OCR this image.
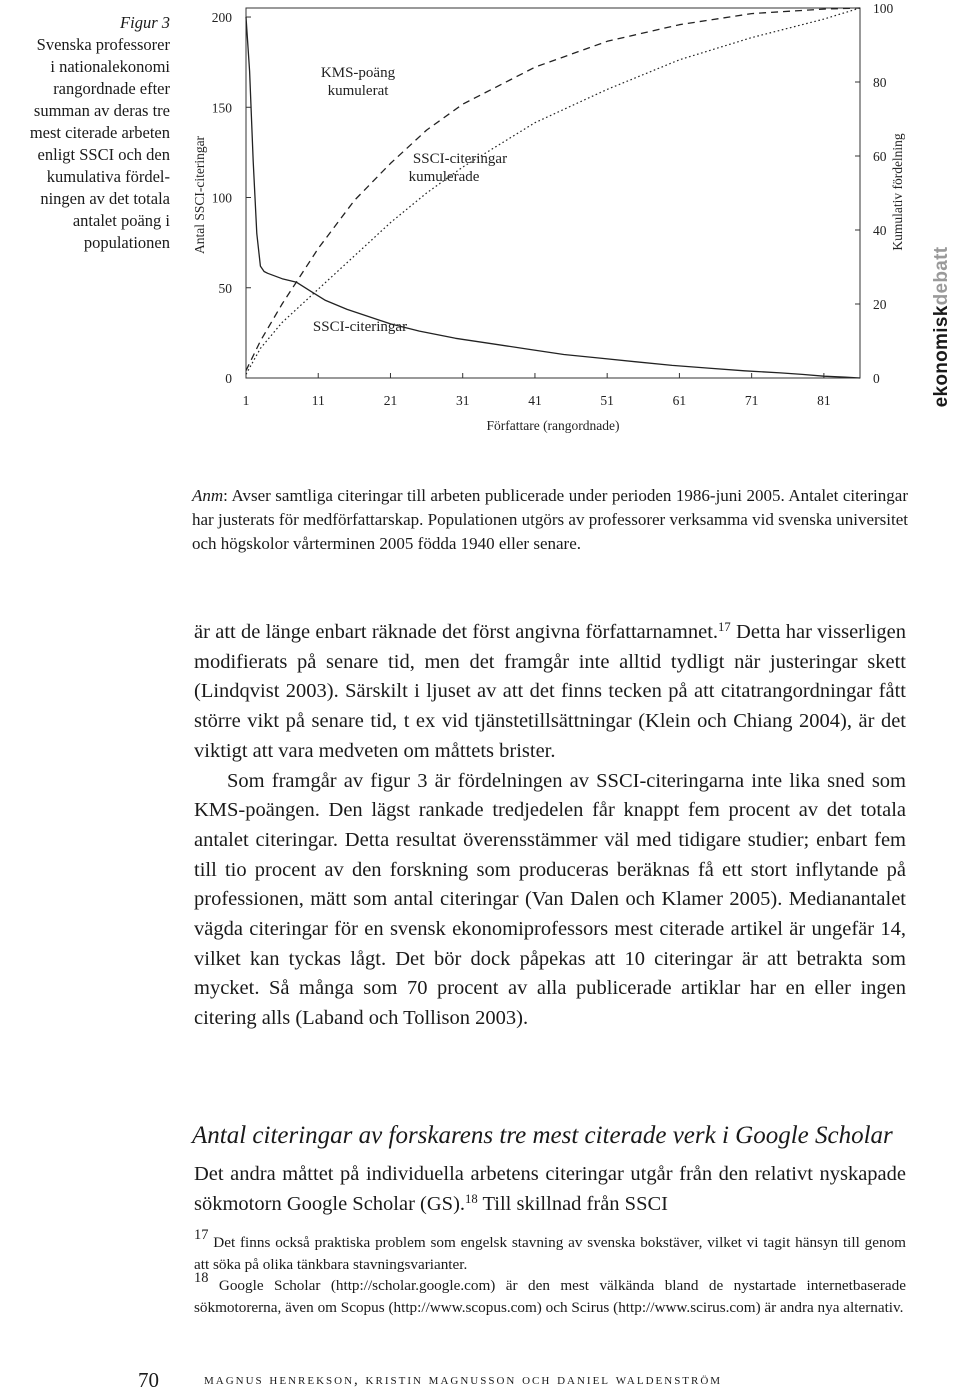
Figur 3
Svenska professorer
i nationalekonomi
rangordnade efter
summan av deras tre
mest citerade arbeten
enligt SSCI och den
kumulativa fördel-
ningen av det totala
antalet poäng i
populationen
1	11	21	31	41	51	61	71	81
0
50
100
150
200
0
20
40
60
80
100
Antal SSCI-citeringar	Kumulativ fördelning
Författare (rangordnade)
KMS-poäng kumulerat
SSCI-citeringar kumulerade
SSCI-citeringar	ekonomiskdebatt
Anm: Avser samtliga citeringar till arbeten publicerade under perioden 1986-juni 2005. Antalet citeringar har justerats för medförfattarskap. Populationen utgörs av professorer verksamma vid svenska universitet och högskolor vårterminen 2005 födda 1940 eller senare.

är att de länge enbart räknade det först angivna författarnamnet.$^{17}$ Detta har visserligen modifierats på senare tid, men det framgår inte alltid tydligt när justeringar skett (Lindqvist 2003). Särskilt i ljuset av att det finns tecken på att citatrangordningar fått större vikt på senare tid, t ex vid tjänstetillsättningar (Klein och Chiang 2004), är det viktigt att vara medveten om måttets brister.

Som framgår av figur 3 är fördelningen av SSCI-citeringarna inte lika sned som KMS-poängen. Den lägst rankade tredjedelen får knappt fem procent av det totala antalet citeringar. Detta resultat överensstämmer väl med tidigare studier; enbart fem till tio procent av den forskning som produceras beräknas få ett stort inflytande på professionen, mätt som antal citeringar (Van Dalen och Klamer 2005). Medianantalet vägda citeringar för en svensk ekonomiprofessors mest citerade artikel är ungefär 14, vilket kan tyckas lågt. Det bör dock påpekas att 10 citeringar är att betrakta som mycket. Så många som 70 procent av alla publicerade artiklar har en eller ingen citering alls (Laband och Tollison 2003).

Antal citeringar av forskarens tre mest citerade verk i Google Scholar

Det andra måttet på individuella arbetens citeringar utgår från den relativt nyskapade sökmotorn Google Scholar (GS).$^{18}$ Till skillnad från SSCI

$^{17}$ Det finns också praktiska problem som engelsk stavning av svenska bokstäver, vilket vi tagit hänsyn till genom att söka på olika tänkbara stavningsvarianter.

$^{18}$ Google Scholar (http://scholar.google.com) är den mest välkända bland de nystartade internetbaserade sökmotorerna, även om Scopus (http://www.scopus.com) och Scirus (http://www.scirus.com) är andra nya alternativ.

70	magnus henrekson, kristin magnusson och daniel waldenström
